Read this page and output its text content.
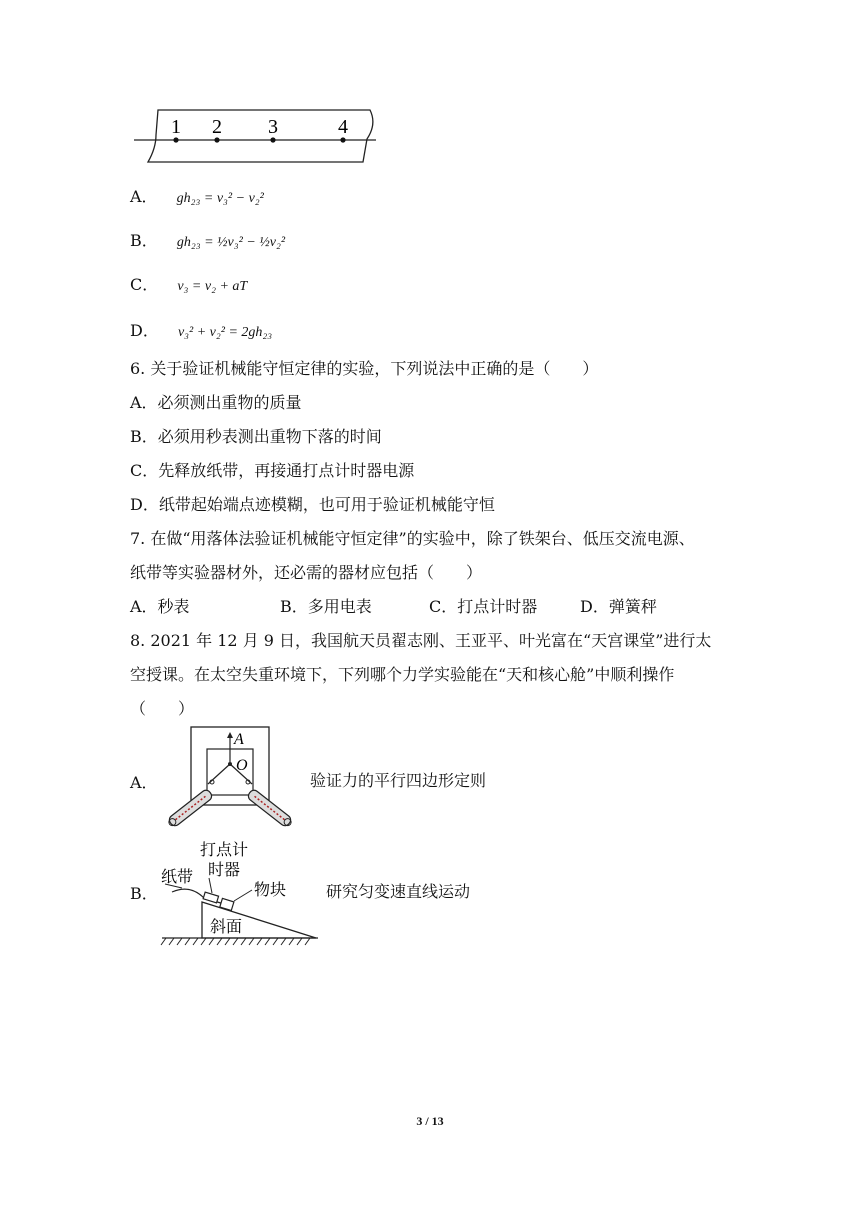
1 2 3	4
A． gh₂₃ = v₃² − v₂²
B． gh₂₃ = ½v₃² − ½v₂²
C． v₃ = v₂ + aT
D． v₃² + v₂² = 2gh₂₃
6. 关于验证机械能守恒定律的实验，下列说法中正确的是（　　）
A．必须测出重物的质量
B．必须用秒表测出重物下落的时间
C．先释放纸带，再接通打点计时器电源
D．纸带起始端点迹模糊，也可用于验证机械能守恒
7. 在做“用落体法验证机械能守恒定律”的实验中，除了铁架台、低压交流电源、
纸带等实验器材外，还必需的器材应包括（　　）
A．秒表	B．多用电表	C．打点计时器	D．弹簧秤
8. 2021 年 12 月 9 日，我国航天员翟志刚、王亚平、叶光富在“天宫课堂”进行太
空授课。在太空失重环境下，下列哪个力学实验能在“天和核心舱”中顺利操作
（　　）
A．
A
O
验证力的平行四边形定则
B．
纸带
打点计
时器
物块
斜面
研究匀变速直线运动
3 / 13
